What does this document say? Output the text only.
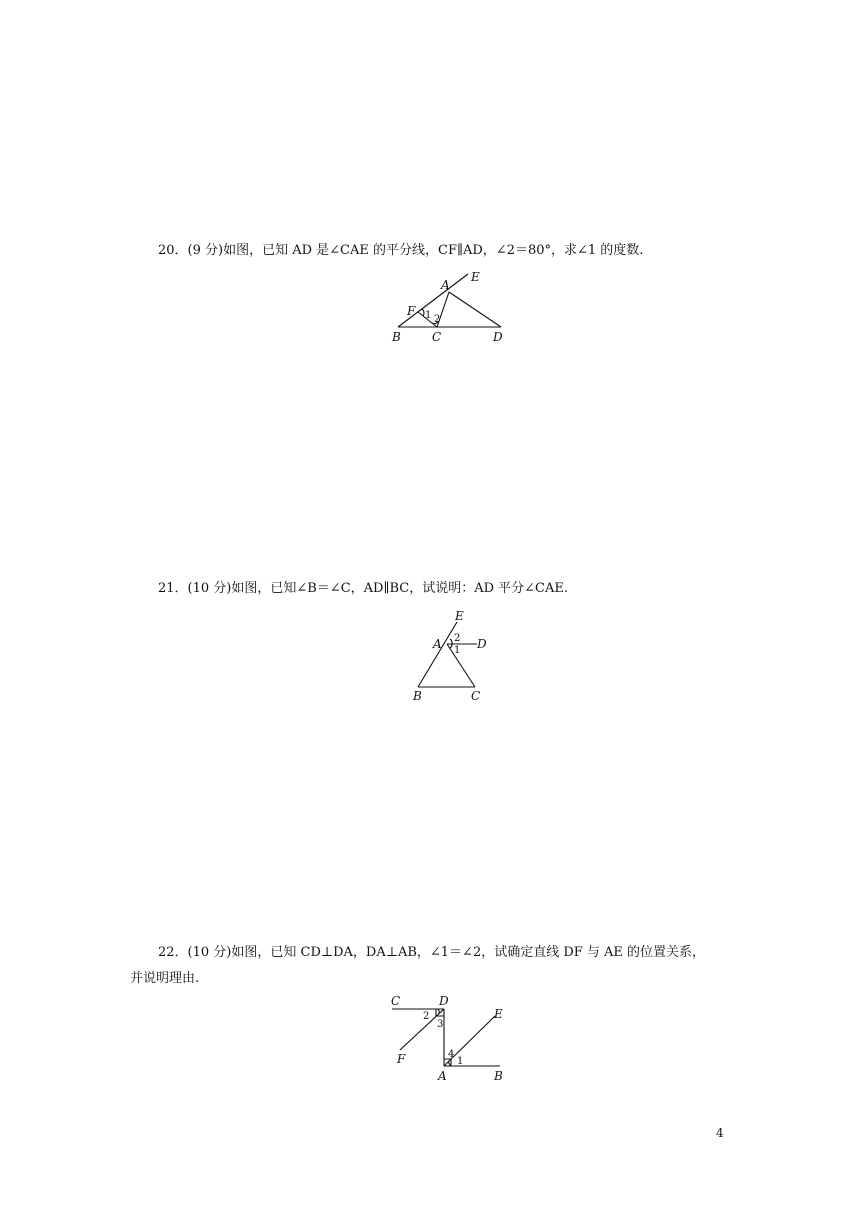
20．(9 分)如图，已知 AD 是∠CAE 的平分线，CF∥AD，∠2＝80°，求∠1 的度数.
E
A
F
B	C	D
1 2
21．(10 分)如图，已知∠B＝∠C，AD∥BC，试说明：AD 平分∠CAE.
E
A	D
B	C
2
1
22．(10 分)如图，已知 CD⊥DA，DA⊥AB，∠1＝∠2，试确定直线 DF 与 AE 的位置关系，
并说明理由.
C	D
E
F
A	B
2
3
4
1
4
